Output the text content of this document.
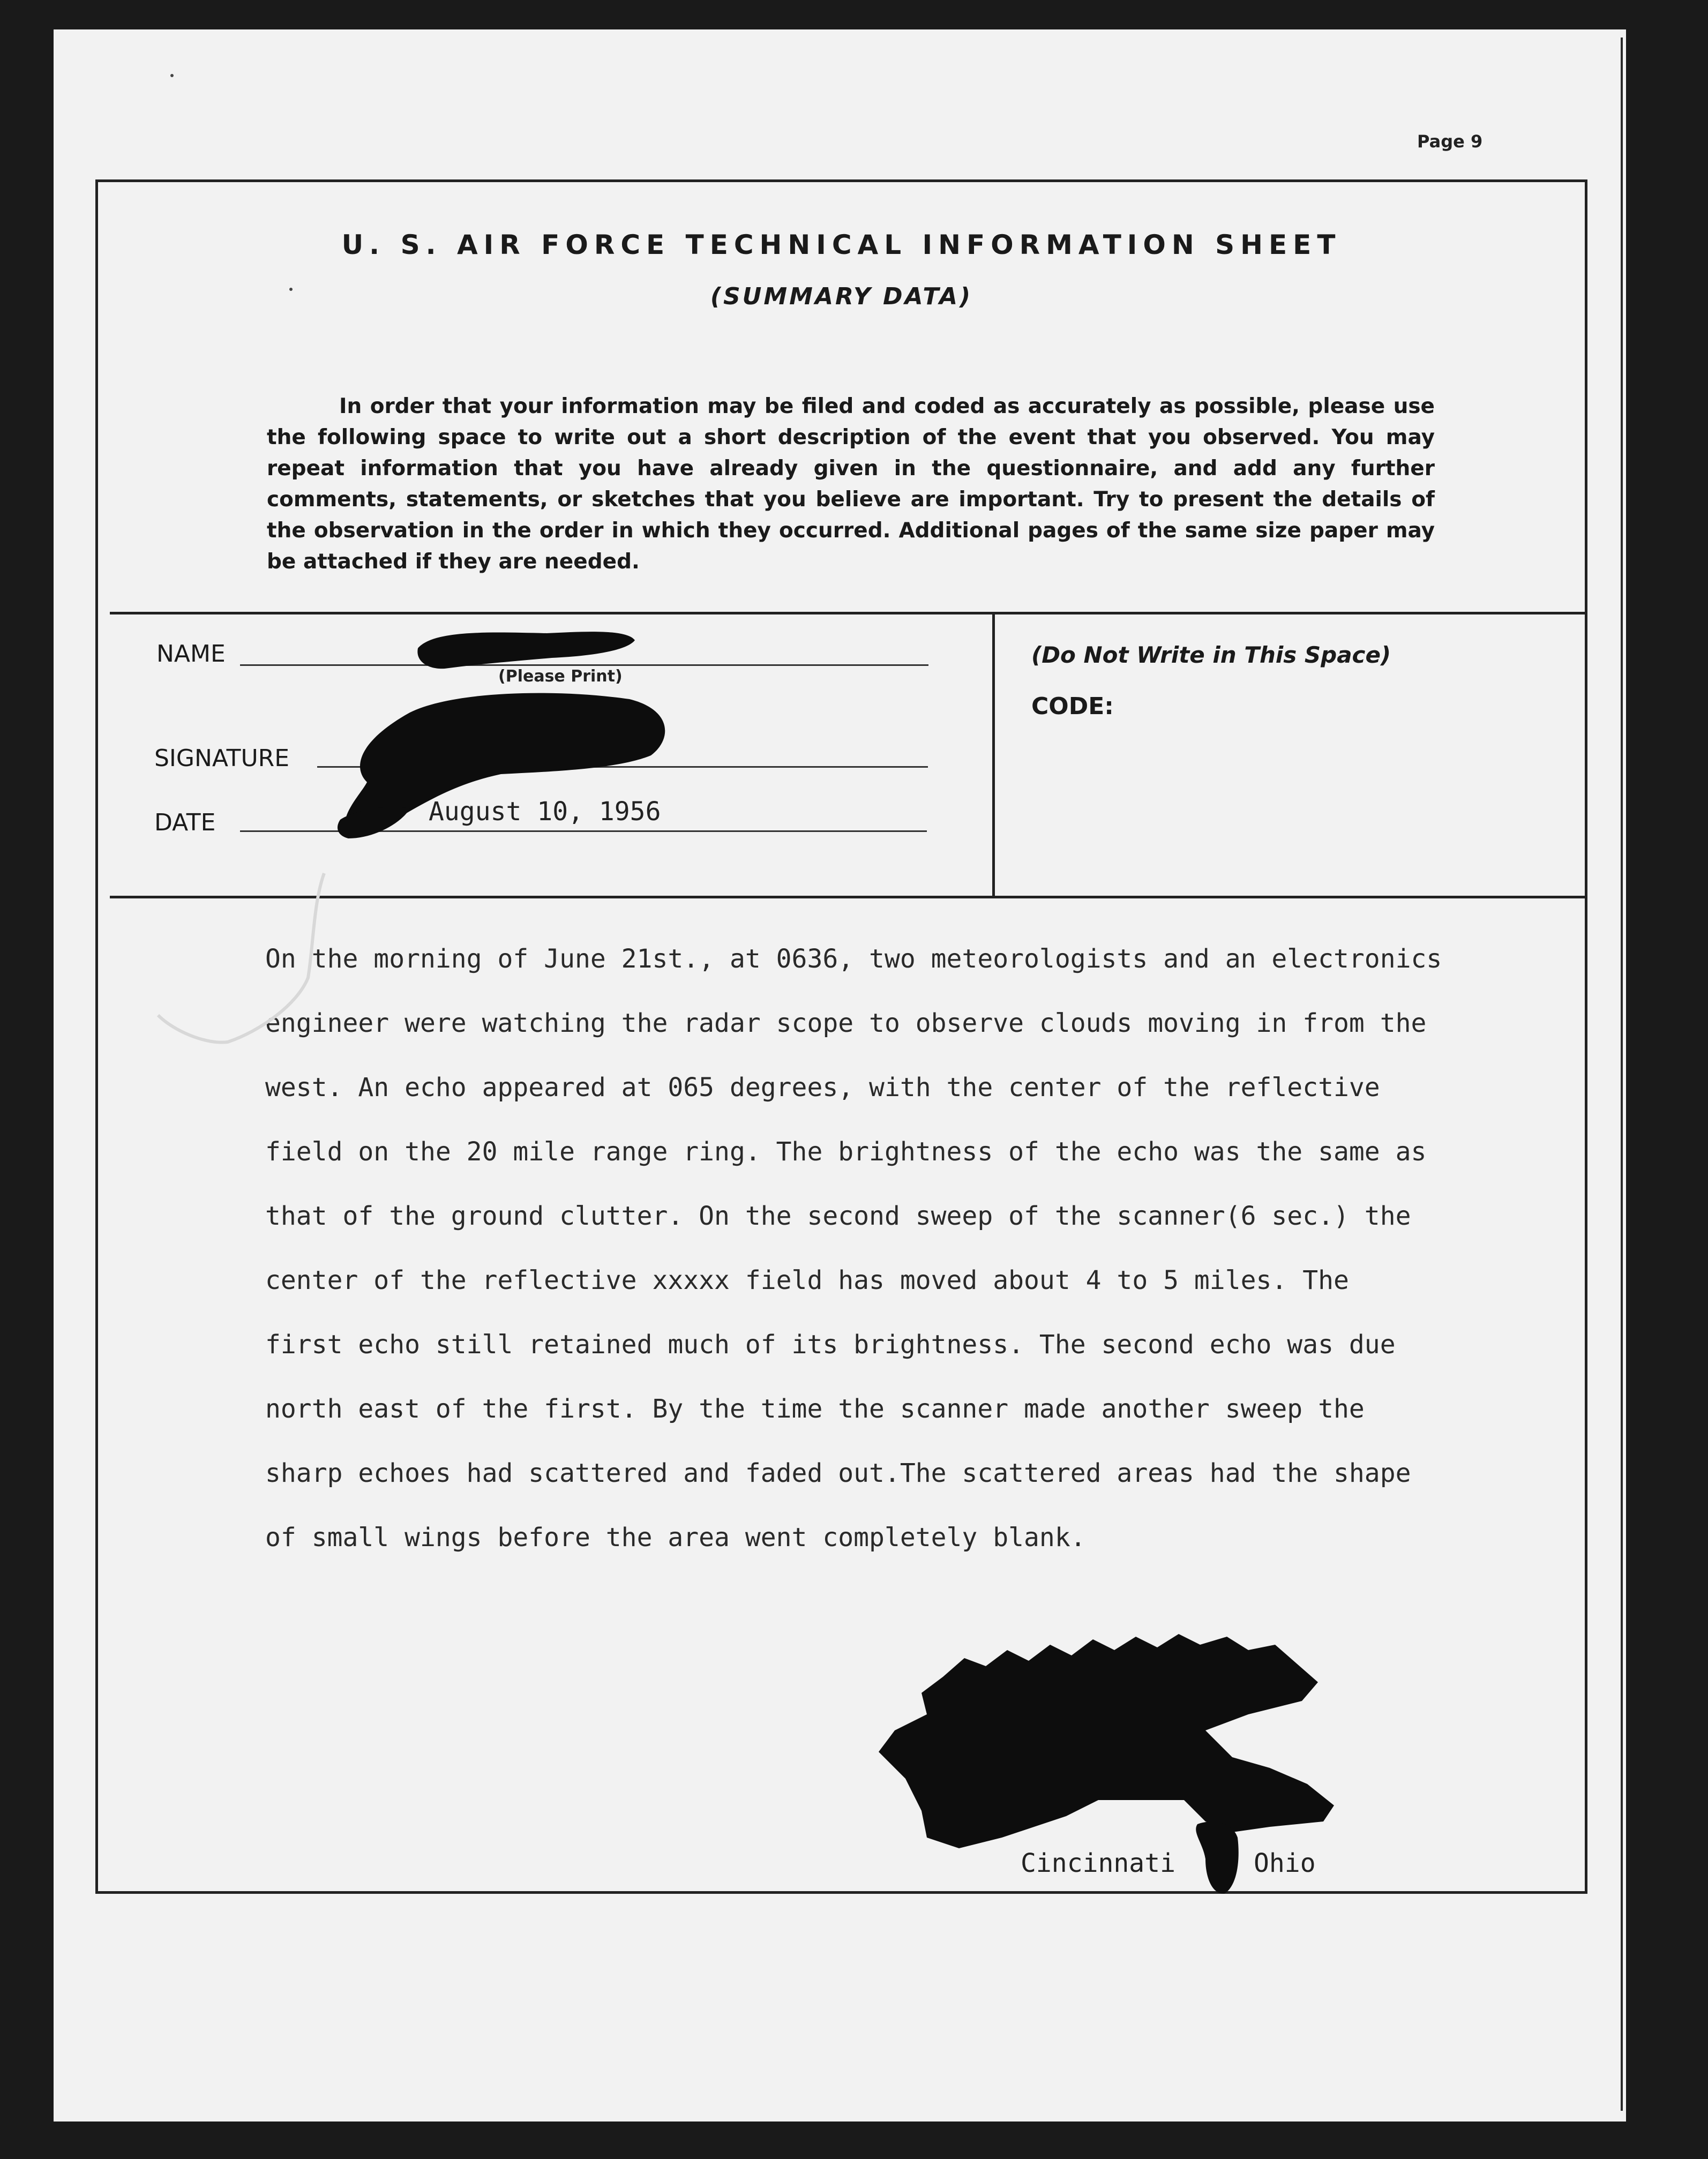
Page 9
U. S. AIR FORCE TECHNICAL INFORMATION SHEET
(SUMMARY DATA)
In order that your information may be filed and coded as accurately as possible, please use the following space to write out a short description of the event that you observed. You may repeat information that you have already given in the questionnaire, and add any further comments, statements, or sketches that you believe are important. Try to present the details of the observation in the order in which they occurred. Additional pages of the same size paper may be attached if they are needed.
NAME
(Please Print)
SIGNATURE
DATE	August 10, 1956
(Do Not Write in This Space)
CODE:
On the morning of June 21st., at 0636, two meteorologists and an electronics
engineer were watching the radar scope to observe clouds moving in from the
west. An echo appeared at 065 degrees, with the center of the reflective
field on the 20 mile range ring. The brightness of the echo was the same as
that of the ground clutter. On the second sweep of the scanner(6 sec.) the
center of the reflective xxxxx field has moved about 4 to 5 miles. The
first echo still retained much of its brightness. The second echo was due
north east of the first. By the time the scanner made another sweep the
sharp echoes had scattered and faded out.The scattered areas had the shape
of small wings before the area went completely blank.
Cincinnati	Ohio
